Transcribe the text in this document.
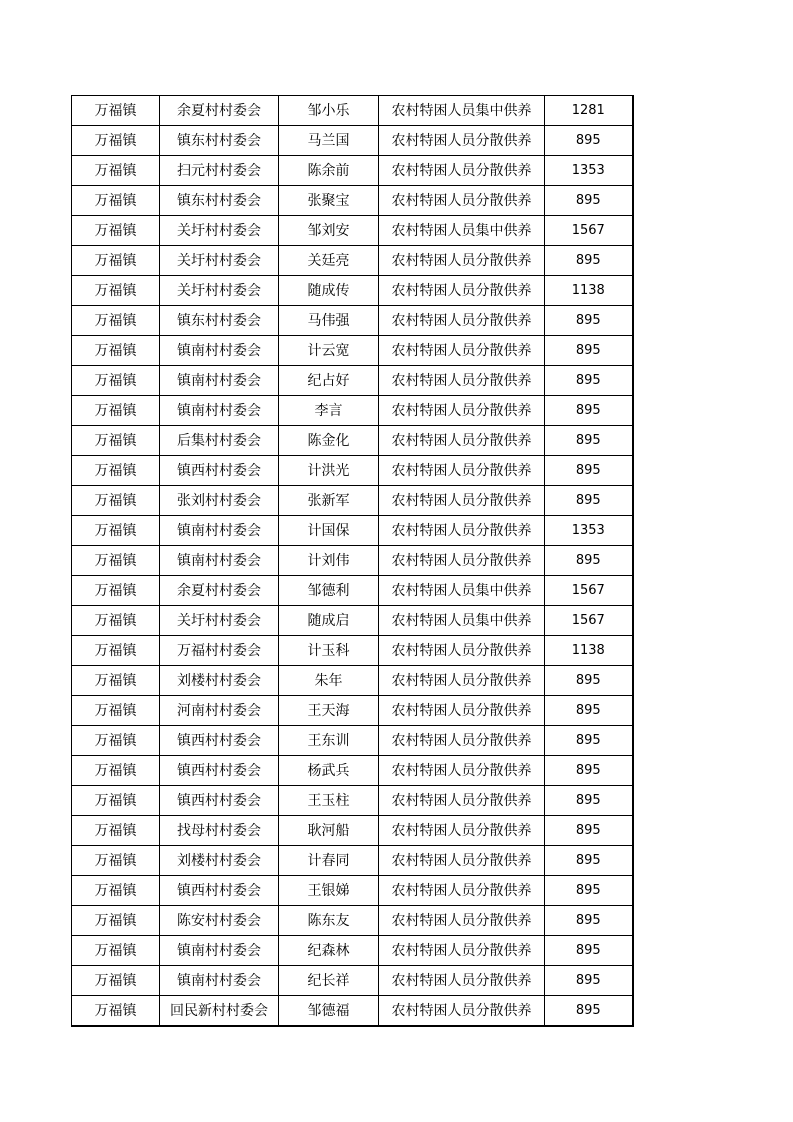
万福镇	余夏村村委会	邹小乐	农村特困人员集中供养	1281
万福镇	镇东村村委会	马兰国	农村特困人员分散供养	895
万福镇	扫元村村委会	陈余前	农村特困人员分散供养	1353
万福镇	镇东村村委会	张聚宝	农村特困人员分散供养	895
万福镇	关圩村村委会	邹刘安	农村特困人员集中供养	1567
万福镇	关圩村村委会	关廷亮	农村特困人员分散供养	895
万福镇	关圩村村委会	随成传	农村特困人员分散供养	1138
万福镇	镇东村村委会	马伟强	农村特困人员分散供养	895
万福镇	镇南村村委会	计云宽	农村特困人员分散供养	895
万福镇	镇南村村委会	纪占好	农村特困人员分散供养	895
万福镇	镇南村村委会	李言	农村特困人员分散供养	895
万福镇	后集村村委会	陈金化	农村特困人员分散供养	895
万福镇	镇西村村委会	计洪光	农村特困人员分散供养	895
万福镇	张刘村村委会	张新军	农村特困人员分散供养	895
万福镇	镇南村村委会	计国保	农村特困人员分散供养	1353
万福镇	镇南村村委会	计刘伟	农村特困人员分散供养	895
万福镇	余夏村村委会	邹德利	农村特困人员集中供养	1567
万福镇	关圩村村委会	随成启	农村特困人员集中供养	1567
万福镇	万福村村委会	计玉科	农村特困人员分散供养	1138
万福镇	刘楼村村委会	朱年	农村特困人员分散供养	895
万福镇	河南村村委会	王天海	农村特困人员分散供养	895
万福镇	镇西村村委会	王东训	农村特困人员分散供养	895
万福镇	镇西村村委会	杨武兵	农村特困人员分散供养	895
万福镇	镇西村村委会	王玉柱	农村特困人员分散供养	895
万福镇	找母村村委会	耿河船	农村特困人员分散供养	895
万福镇	刘楼村村委会	计春同	农村特困人员分散供养	895
万福镇	镇西村村委会	王银娣	农村特困人员分散供养	895
万福镇	陈安村村委会	陈东友	农村特困人员分散供养	895
万福镇	镇南村村委会	纪森林	农村特困人员分散供养	895
万福镇	镇南村村委会	纪长祥	农村特困人员分散供养	895
万福镇	回民新村村委会	邹德福	农村特困人员分散供养	895
